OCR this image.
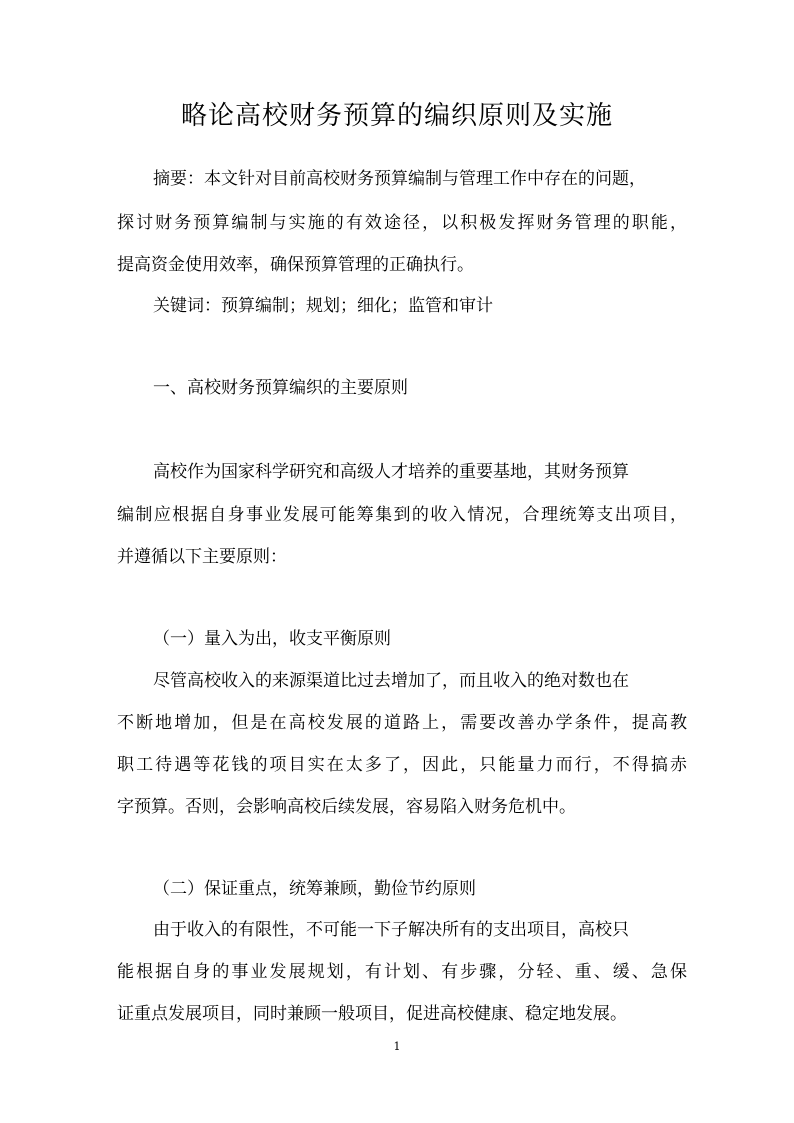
略论高校财务预算的编织原则及实施
摘要：本文针对目前高校财务预算编制与管理工作中存在的问题，
探讨财务预算编制与实施的有效途径，以积极发挥财务管理的职能，
提高资金使用效率，确保预算管理的正确执行。
关键词：预算编制；规划；细化；监管和审计
一、高校财务预算编织的主要原则
高校作为国家科学研究和高级人才培养的重要基地，其财务预算
编制应根据自身事业发展可能筹集到的收入情况，合理统筹支出项目，
并遵循以下主要原则：
（一）量入为出，收支平衡原则
尽管高校收入的来源渠道比过去增加了，而且收入的绝对数也在
不断地增加，但是在高校发展的道路上，需要改善办学条件，提高教
职工待遇等花钱的项目实在太多了，因此，只能量力而行，不得搞赤
字预算。否则，会影响高校后续发展，容易陷入财务危机中。
（二）保证重点，统筹兼顾，勤俭节约原则
由于收入的有限性，不可能一下子解决所有的支出项目，高校只
能根据自身的事业发展规划，有计划、有步骤，分轻、重、缓、急保
证重点发展项目，同时兼顾一般项目，促进高校健康、稳定地发展。
1
